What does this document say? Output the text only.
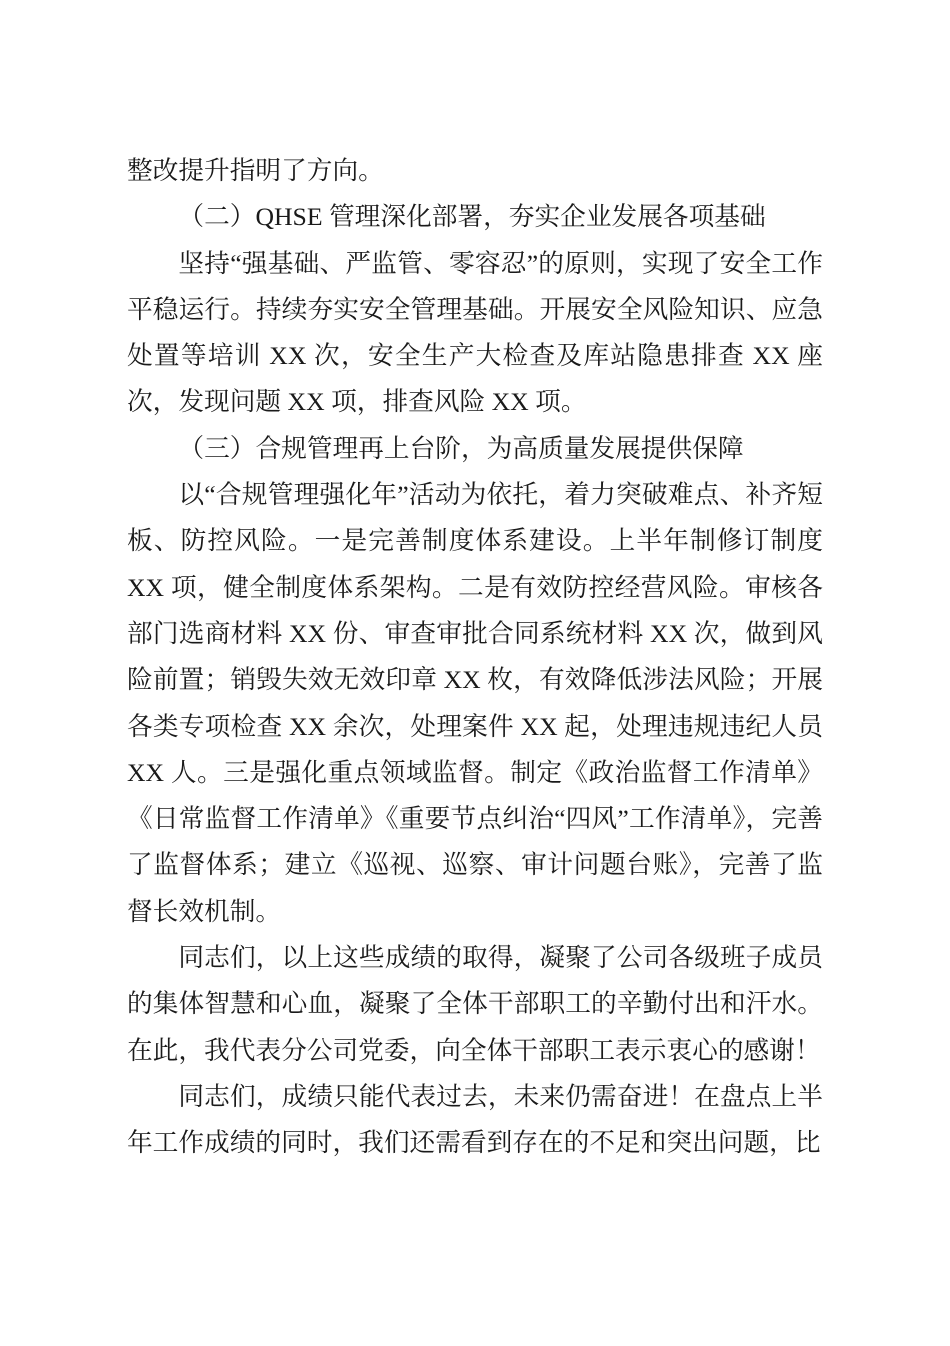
整改提升指明了方向。

（二）QHSE 管理深化部署，夯实企业发展各项基础

坚持“强基础、严监管、零容忍”的原则，实现了安全工作平稳运行。持续夯实安全管理基础。开展安全风险知识、应急处置等培训 XX 次，安全生产大检查及库站隐患排查 XX 座次，发现问题 XX 项，排查风险 XX 项。

（三）合规管理再上台阶，为高质量发展提供保障

以“合规管理强化年”活动为依托，着力突破难点、补齐短板、防控风险。一是完善制度体系建设。上半年制修订制度 XX 项，健全制度体系架构。二是有效防控经营风险。审核各部门选商材料 XX 份、审查审批合同系统材料 XX 次，做到风险前置；销毁失效无效印章 XX 枚，有效降低涉法风险；开展各类专项检查 XX 余次，处理案件 XX 起，处理违规违纪人员 XX 人。三是强化重点领域监督。制定《政治监督工作清单》《日常监督工作清单》《重要节点纠治“四风”工作清单》，完善了监督体系；建立《巡视、巡察、审计问题台账》，完善了监督长效机制。

同志们，以上这些成绩的取得，凝聚了公司各级班子成员的集体智慧和心血，凝聚了全体干部职工的辛勤付出和汗水。在此，我代表分公司党委，向全体干部职工表示衷心的感谢！

同志们，成绩只能代表过去，未来仍需奋进！在盘点上半年工作成绩的同时，我们还需看到存在的不足和突出问题，比
